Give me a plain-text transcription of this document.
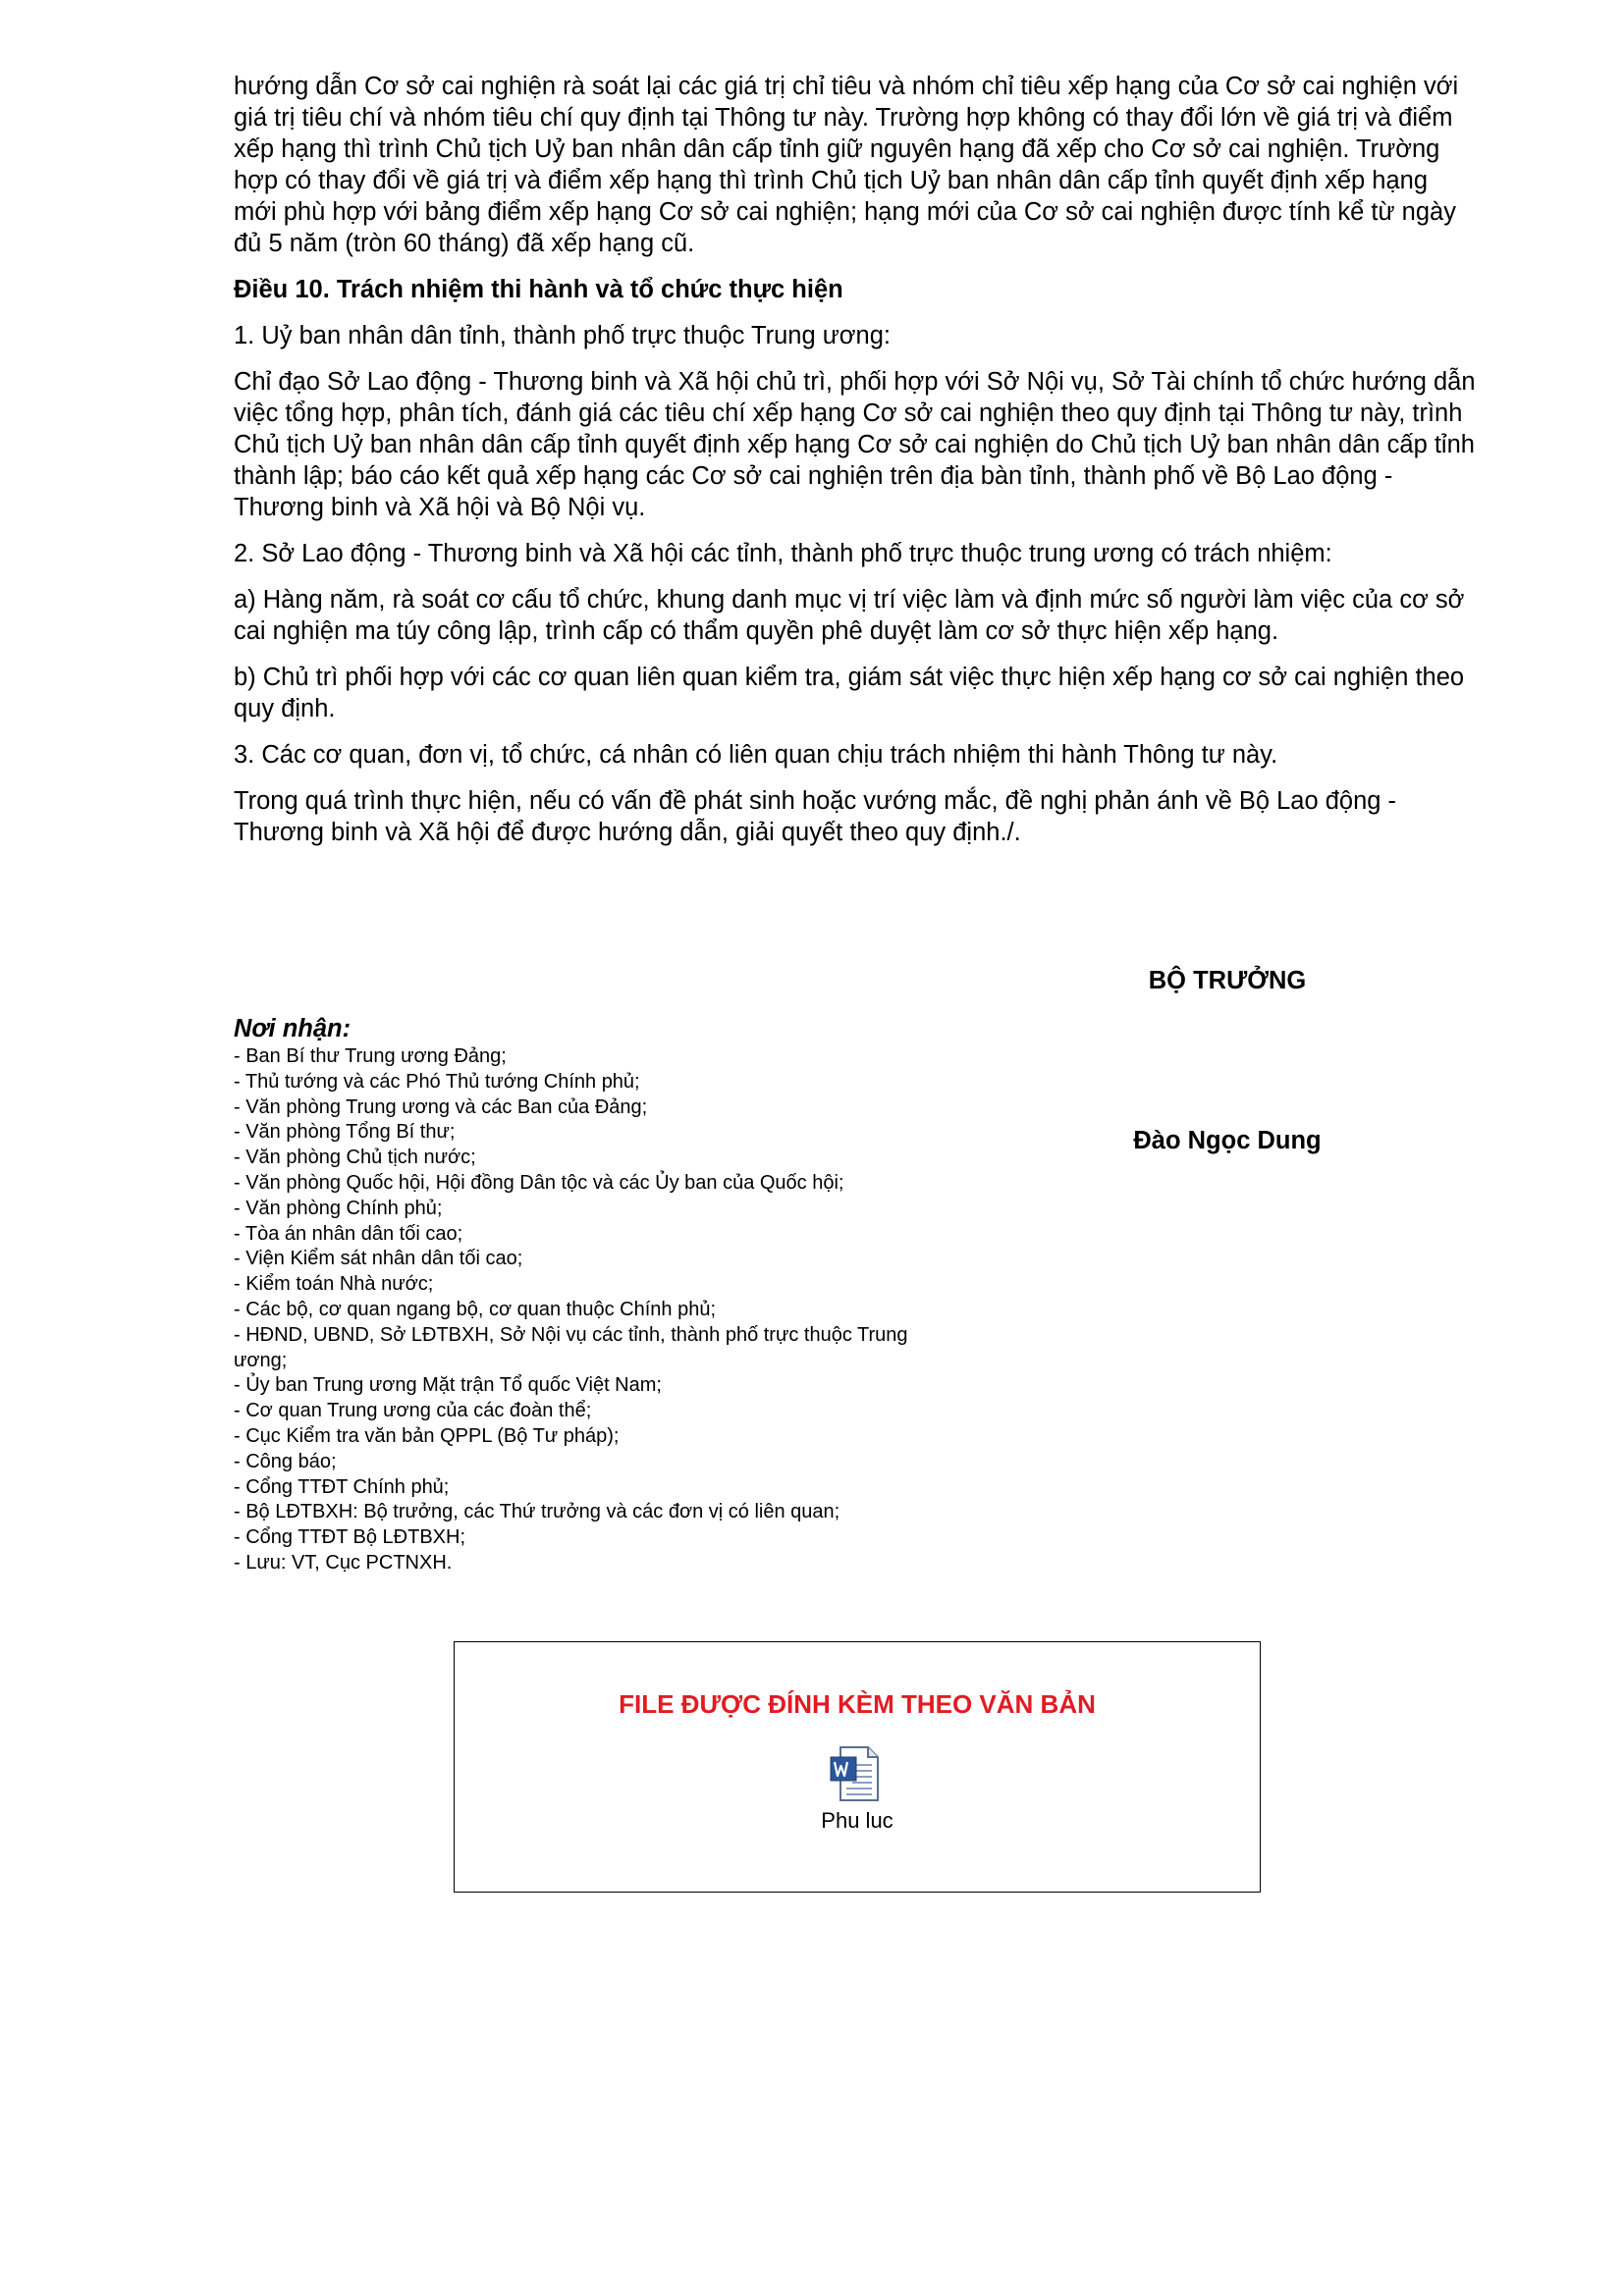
hướng dẫn Cơ sở cai nghiện rà soát lại các giá trị chỉ tiêu và nhóm chỉ tiêu xếp hạng của Cơ sở cai nghiện với giá trị tiêu chí và nhóm tiêu chí quy định tại Thông tư này. Trường hợp không có thay đổi lớn về giá trị và điểm xếp hạng thì trình Chủ tịch Uỷ ban nhân dân cấp tỉnh giữ nguyên hạng đã xếp cho Cơ sở cai nghiện. Trường hợp có thay đổi về giá trị và điểm xếp hạng thì trình Chủ tịch Uỷ ban nhân dân cấp tỉnh quyết định xếp hạng mới phù hợp với bảng điểm xếp hạng Cơ sở cai nghiện; hạng mới của Cơ sở cai nghiện được tính kể từ ngày đủ 5 năm (tròn 60 tháng) đã xếp hạng cũ.

Điều 10. Trách nhiệm thi hành và tổ chức thực hiện

1. Uỷ ban nhân dân tỉnh, thành phố trực thuộc Trung ương:

Chỉ đạo Sở Lao động - Thương binh và Xã hội chủ trì, phối hợp với Sở Nội vụ, Sở Tài chính tổ chức hướng dẫn việc tổng hợp, phân tích, đánh giá các tiêu chí xếp hạng Cơ sở cai nghiện theo quy định tại Thông tư này, trình Chủ tịch Uỷ ban nhân dân cấp tỉnh quyết định xếp hạng Cơ sở cai nghiện do Chủ tịch Uỷ ban nhân dân cấp tỉnh thành lập; báo cáo kết quả xếp hạng các Cơ sở cai nghiện trên địa bàn tỉnh, thành phố về Bộ Lao động - Thương binh và Xã hội và Bộ Nội vụ.

2. Sở Lao động - Thương binh và Xã hội các tỉnh, thành phố trực thuộc trung ương có trách nhiệm:

a) Hàng năm, rà soát cơ cấu tổ chức, khung danh mục vị trí việc làm và định mức số người làm việc của cơ sở cai nghiện ma túy công lập, trình cấp có thẩm quyền phê duyệt làm cơ sở thực hiện xếp hạng.

b) Chủ trì phối hợp với các cơ quan liên quan kiểm tra, giám sát việc thực hiện xếp hạng cơ sở cai nghiện theo quy định.

3. Các cơ quan, đơn vị, tổ chức, cá nhân có liên quan chịu trách nhiệm thi hành Thông tư này.

Trong quá trình thực hiện, nếu có vấn đề phát sinh hoặc vướng mắc, đề nghị phản ánh về Bộ Lao động - Thương binh và Xã hội để được hướng dẫn, giải quyết theo quy định./.

BỘ TRƯỞNG
Đào Ngọc Dung
Nơi nhận:
- Ban Bí thư Trung ương Đảng;
- Thủ tướng và các Phó Thủ tướng Chính phủ;
- Văn phòng Trung ương và các Ban của Đảng;
- Văn phòng Tổng Bí thư;
- Văn phòng Chủ tịch nước;
- Văn phòng Quốc hội, Hội đồng Dân tộc và các Ủy ban của Quốc hội;
- Văn phòng Chính phủ;
- Tòa án nhân dân tối cao;
- Viện Kiểm sát nhân dân tối cao;
- Kiểm toán Nhà nước;
- Các bộ, cơ quan ngang bộ, cơ quan thuộc Chính phủ;
- HĐND, UBND, Sở LĐTBXH, Sở Nội vụ các tỉnh, thành phố trực thuộc Trung ương;
- Ủy ban Trung ương Mặt trận Tổ quốc Việt Nam;
- Cơ quan Trung ương của các đoàn thể;
- Cục Kiểm tra văn bản QPPL (Bộ Tư pháp);
- Công báo;
- Cổng TTĐT Chính phủ;
- Bộ LĐTBXH: Bộ trưởng, các Thứ trưởng và các đơn vị có liên quan;
- Cổng TTĐT Bộ LĐTBXH;
- Lưu: VT, Cục PCTNXH.
FILE ĐƯỢC ĐÍNH KÈM THEO VĂN BẢN
Phu luc
